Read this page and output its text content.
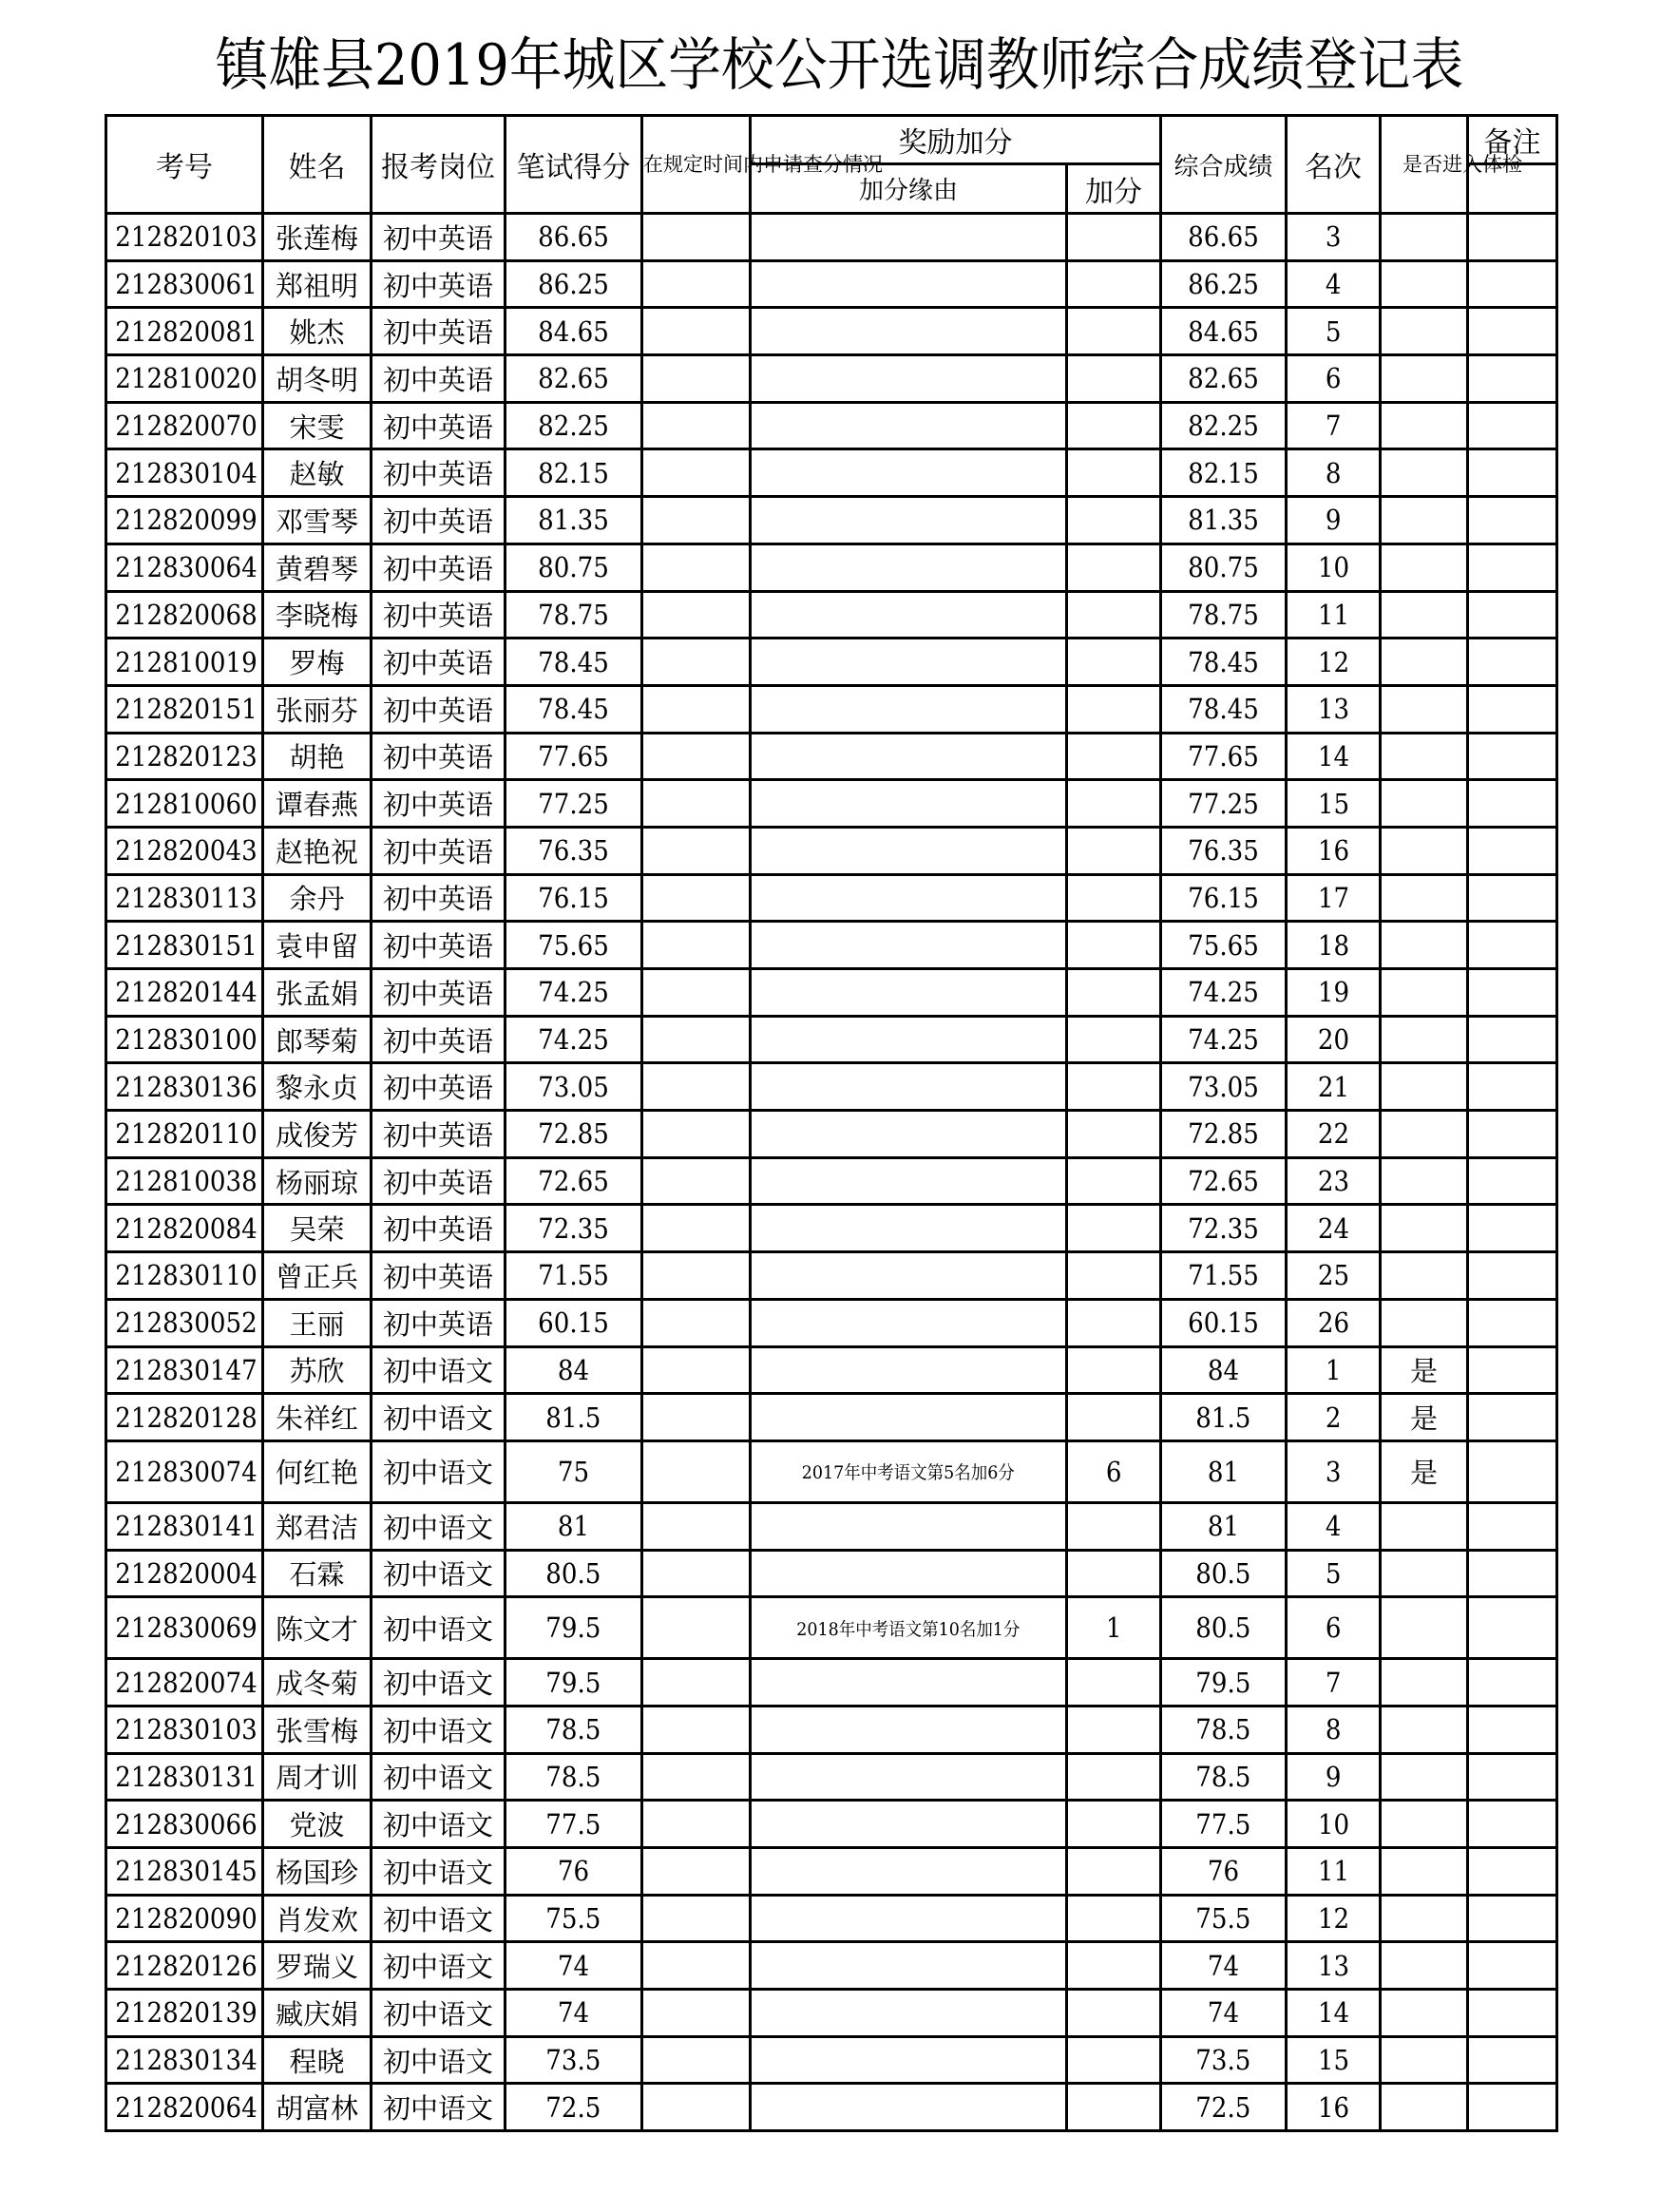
镇雄县2019年城区学校公开选调教师综合成绩登记表
考号	姓名	报考岗位	笔试得分	在规定时间内申请查分情况	奖励加分		综合成绩	名次	是否进入体检	备注
					加分缘由	加分				
212820103	张莲梅	初中英语	86.65				86.65	3		
212830061	郑祖明	初中英语	86.25				86.25	4		
212820081	姚杰	初中英语	84.65				84.65	5		
212810020	胡冬明	初中英语	82.65				82.65	6		
212820070	宋雯	初中英语	82.25				82.25	7		
212830104	赵敏	初中英语	82.15				82.15	8		
212820099	邓雪琴	初中英语	81.35				81.35	9		
212830064	黄碧琴	初中英语	80.75				80.75	10		
212820068	李晓梅	初中英语	78.75				78.75	11		
212810019	罗梅	初中英语	78.45				78.45	12		
212820151	张丽芬	初中英语	78.45				78.45	13		
212820123	胡艳	初中英语	77.65				77.65	14		
212810060	谭春燕	初中英语	77.25				77.25	15		
212820043	赵艳祝	初中英语	76.35				76.35	16		
212830113	余丹	初中英语	76.15				76.15	17		
212830151	袁申留	初中英语	75.65				75.65	18		
212820144	张孟娟	初中英语	74.25				74.25	19		
212830100	郎琴菊	初中英语	74.25				74.25	20		
212830136	黎永贞	初中英语	73.05				73.05	21		
212820110	成俊芳	初中英语	72.85				72.85	22		
212810038	杨丽琼	初中英语	72.65				72.65	23		
212820084	吴荣	初中英语	72.35				72.35	24		
212830110	曾正兵	初中英语	71.55				71.55	25		
212830052	王丽	初中英语	60.15				60.15	26		
212830147	苏欣	初中语文	84				84	1	是	
212820128	朱祥红	初中语文	81.5				81.5	2	是	
212830074	何红艳	初中语文	75		2017年中考语文第5名加6分	6	81	3	是	
212830141	郑君洁	初中语文	81				81	4		
212820004	石霖	初中语文	80.5				80.5	5		
212830069	陈文才	初中语文	79.5		2018年中考语文第10名加1分	1	80.5	6		
212820074	成冬菊	初中语文	79.5				79.5	7		
212830103	张雪梅	初中语文	78.5				78.5	8		
212830131	周才训	初中语文	78.5				78.5	9		
212830066	党波	初中语文	77.5				77.5	10		
212830145	杨国珍	初中语文	76				76	11		
212820090	肖发欢	初中语文	75.5				75.5	12		
212820126	罗瑞义	初中语文	74				74	13		
212820139	臧庆娟	初中语文	74				74	14		
212830134	程晓	初中语文	73.5				73.5	15		
212820064	胡富林	初中语文	72.5				72.5	16		
